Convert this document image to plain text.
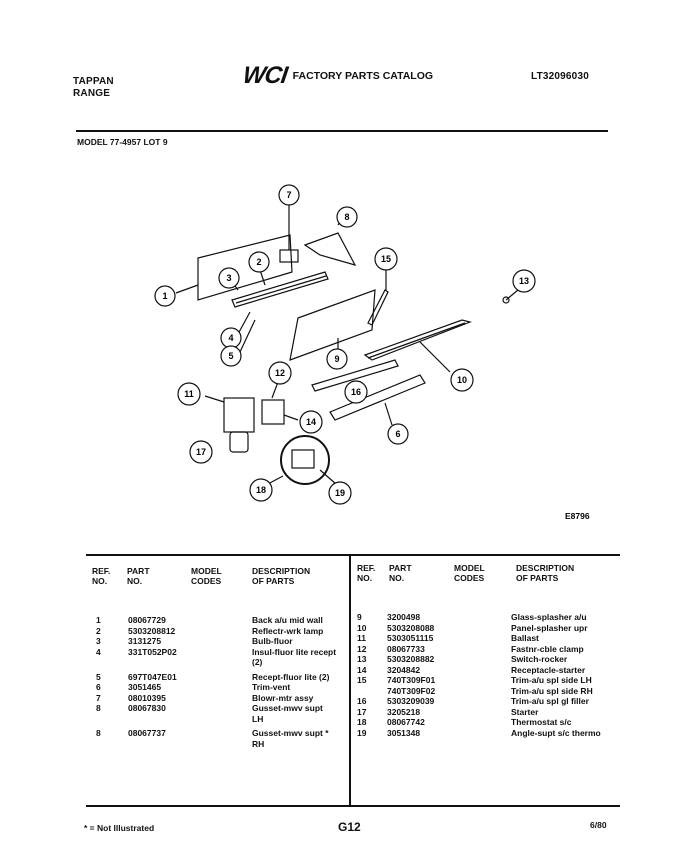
TAPPAN
RANGE
WCI FACTORY PARTS CATALOG	LT32096030
MODEL 77-4957 LOT 9
1
2
3
4
5
6
7
8
9
10
11
12
13
14
15
16
17
18	19
E8796
REF.
NO.
PART
NO.
MODEL
CODES
DESCRIPTION
OF PARTS
REF.
NO.
PART
NO.
MODEL
CODES
DESCRIPTION
OF PARTS
1	08067729	Back a/u mid wall
2	5303208812	Reflectr-wrk lamp
3	3131275	Bulb-fluor
4	331T052P02	Insul-fluor lite recept
(2)
5	697T047E01	Recept-fluor lite (2)
6	3051465	Trim-vent
7	08010395	Blowr-mtr assy
8	08067830	Gusset-mwv supt
LH
8	08067737	Gusset-mwv supt *
RH
9	3200498	Glass-splasher a/u
10	5303208088	Panel-splasher upr
11	5303051115	Ballast
12	08067733	Fastnr-cble clamp
13	5303208882	Switch-rocker
14	3204842	Receptacle-starter
15	740T309F01	Trim-a/u spl side LH
740T309F02	Trim-a/u spl side RH
16	5303209039	Trim-a/u spl gl filler
17	3205218	Starter
18	08067742	Thermostat s/c
19	3051348	Angle-supt s/c thermo
* = Not Illustrated	G12	6/80
